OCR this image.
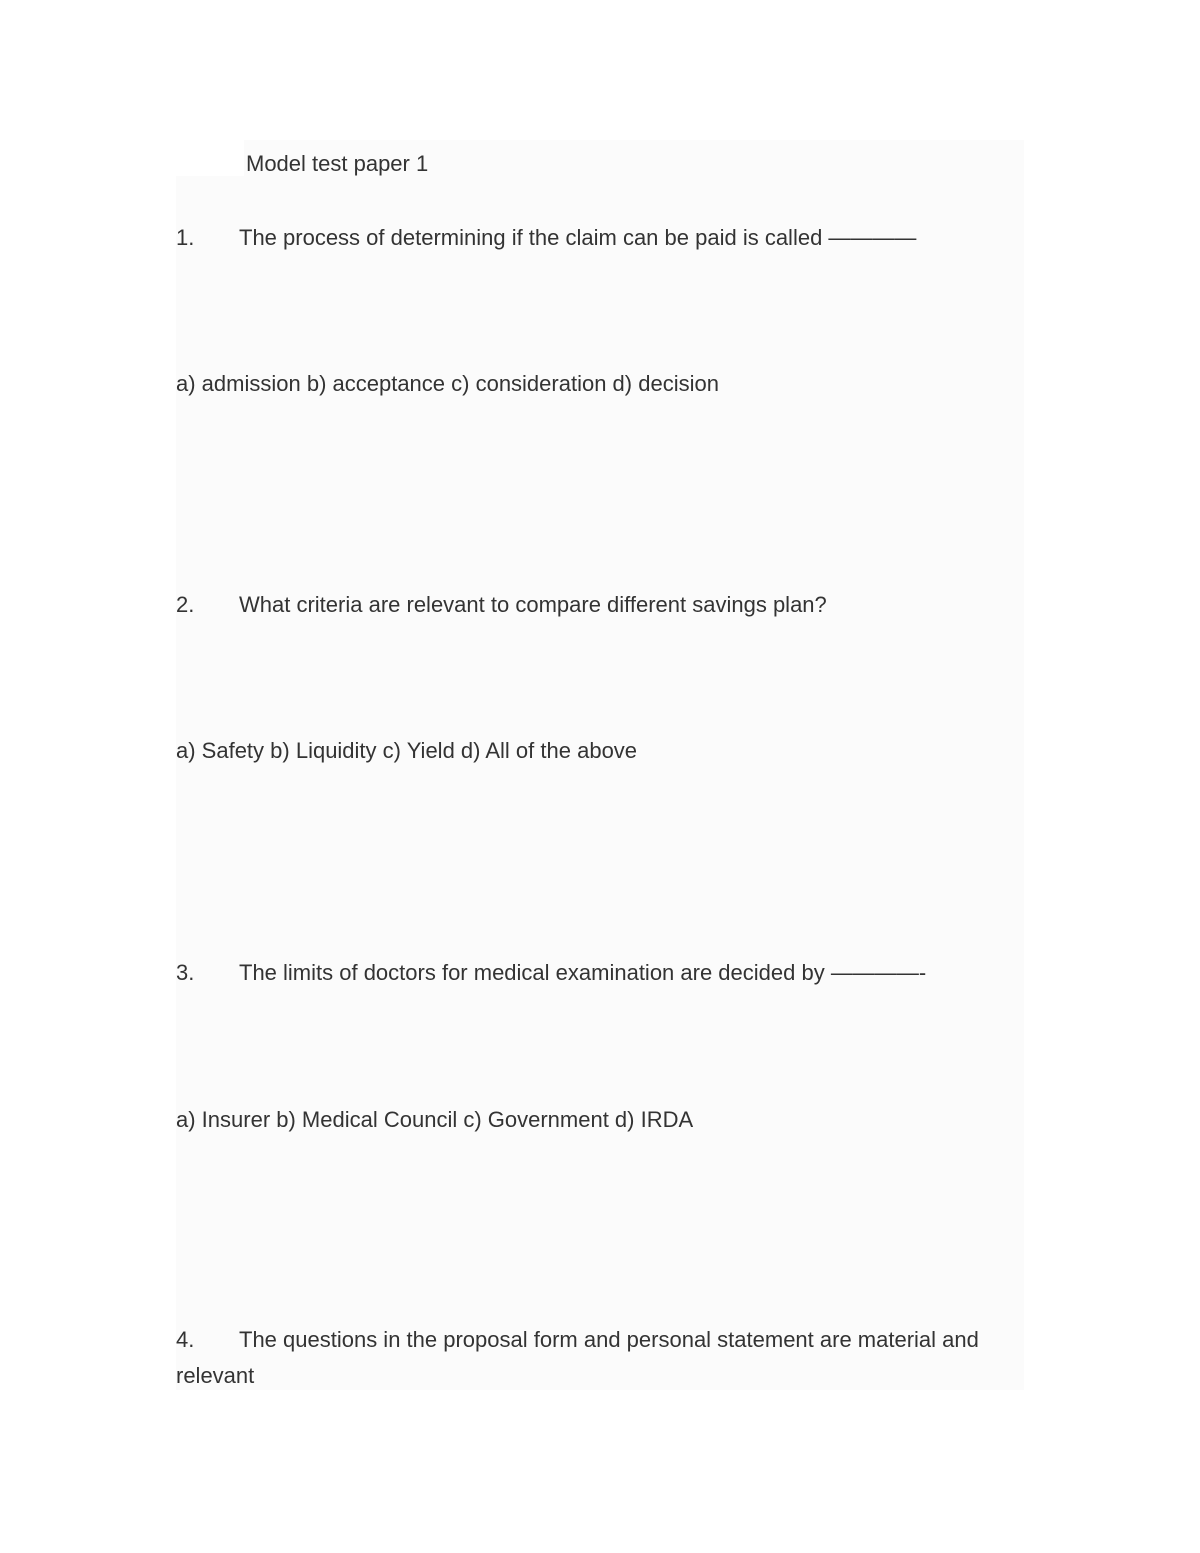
Model test paper 1
1. The process of determining if the claim can be paid is called ————
a) admission b) acceptance c) consideration d) decision
2. What criteria are relevant to compare different savings plan?
a) Safety b) Liquidity c) Yield d) All of the above
3. The limits of doctors for medical examination are decided by ————-
a) Insurer b) Medical Council c) Government d) IRDA
4.	The questions in the proposal form and personal statement are material and relevant
